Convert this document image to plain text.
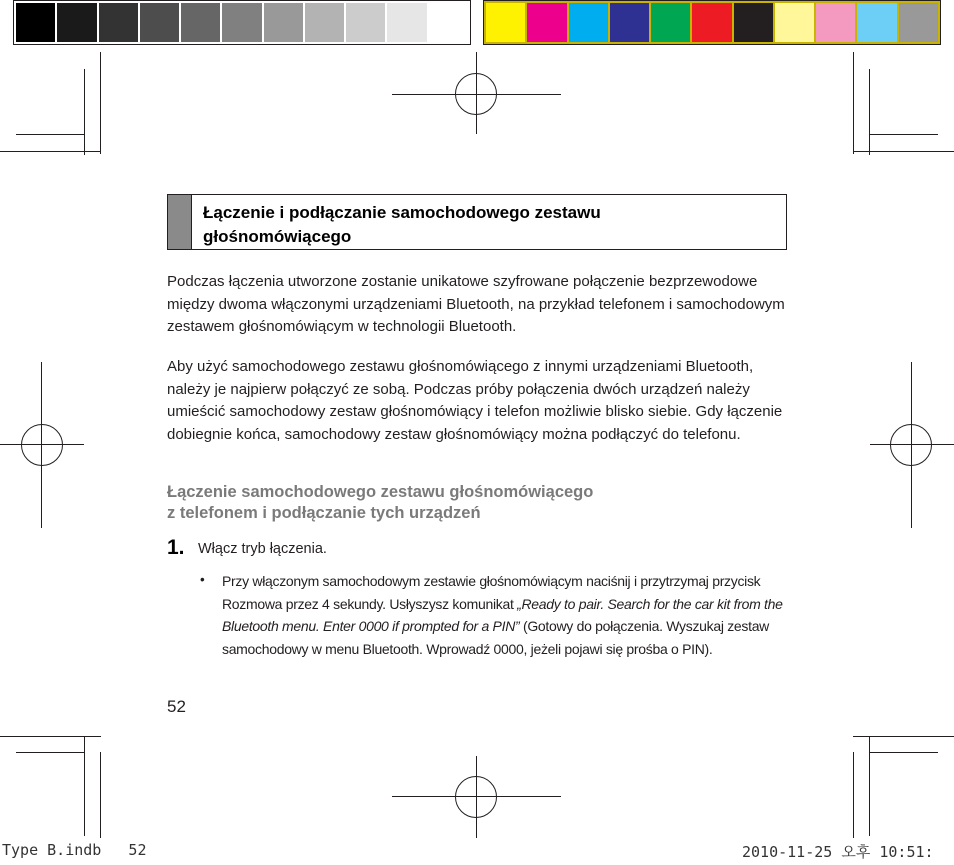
Łączenie i podłączanie samochodowego zestawu
głośnomówiącego
Podczas łączenia utworzone zostanie unikatowe szyfrowane połączenie bezprzewodowe między dwoma włączonymi urządzeniami Bluetooth, na przykład telefonem i samochodowym zestawem głośnomówiącym w technologii Bluetooth.
Aby użyć samochodowego zestawu głośnomówiącego z innymi urządzeniami Bluetooth, należy je najpierw połączyć ze sobą. Podczas próby połączenia dwóch urządzeń należy umieścić samochodowy zestaw głośnomówiący i telefon możliwie blisko siebie. Gdy łączenie dobiegnie końca, samochodowy zestaw głośnomówiący można podłączyć do telefonu.
Łączenie samochodowego zestawu głośnomówiącego
z telefonem i podłączanie tych urządzeń
1. Włącz tryb łączenia.
• Przy włączonym samochodowym zestawie głośnomówiącym naciśnij i przytrzymaj przycisk Rozmowa przez 4 sekundy. Usłyszysz komunikat „Ready to pair. Search for the car kit from the Bluetooth menu. Enter 0000 if prompted for a PIN” (Gotowy do połączenia. Wyszukaj zestaw samochodowy w menu Bluetooth. Wprowadź 0000, jeżeli pojawi się prośba o PIN).
52
Type B.indb   52	2010-11-25 오후 10:51:
